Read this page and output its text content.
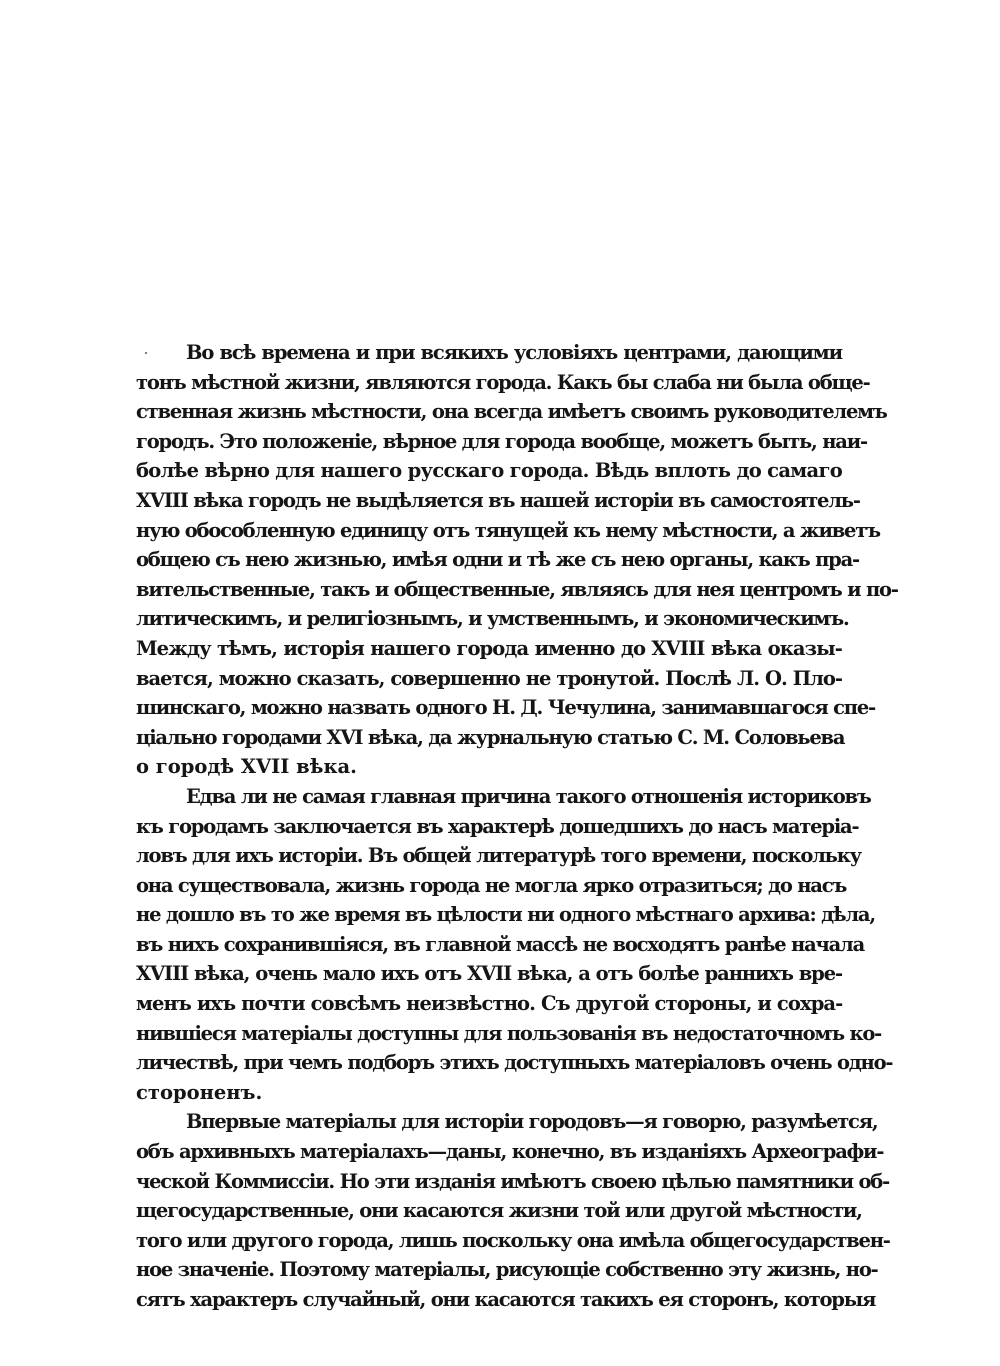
Во всѣ времена и при всякихъ условіяхъ центрами, дающими
тонъ мѣстной жизни, являются города. Какъ бы слаба ни была обще-
ственная жизнь мѣстности, она всегда имѣетъ своимъ руководителемъ
городъ. Это положеніе, вѣрное для города вообще, можетъ быть, наи-
болѣе вѣрно для нашего русскаго города. Вѣдь вплоть до самаго
XVIII вѣка городъ не выдѣляется въ нашей исторіи въ самостоятель-
ную обособленную единицу отъ тянущей къ нему мѣстности, а живетъ
общею съ нею жизнью, имѣя одни и тѣ же съ нею органы, какъ пра-
вительственные, такъ и общественные, являясь для нея центромъ и по-
литическимъ, и религіознымъ, и умственнымъ, и экономическимъ.
Между тѣмъ, исторія нашего города именно до XVIII вѣка оказы-
вается, можно сказать, совершенно не тронутой. Послѣ Л. О. Пло-
шинскаго, можно назвать одного Н. Д. Чечулина, занимавшагося спе-
ціально городами XVI вѣка, да журнальную статью С. М. Соловьева
о городѣ XVII вѣка.
Едва ли не самая главная причина такого отношенія историковъ
къ городамъ заключается въ характерѣ дошедшихъ до насъ матеріа-
ловъ для ихъ исторіи. Въ общей литературѣ того времени, поскольку
она существовала, жизнь города не могла ярко отразиться; до насъ
не дошло въ то же время въ цѣлости ни одного мѣстнаго архива: дѣла,
въ нихъ сохранившіяся, въ главной массѣ не восходятъ ранѣе начала
XVIII вѣка, очень мало ихъ отъ XVII вѣка, а отъ болѣе раннихъ вре-
менъ ихъ почти совсѣмъ неизвѣстно. Съ другой стороны, и сохра-
нившіеся матеріалы доступны для пользованія въ недостаточномъ ко-
личествѣ, при чемъ подборъ этихъ доступныхъ матеріаловъ очень одно-
стороненъ.
Впервые матеріалы для исторіи городовъ—я говорю, разумѣется,
объ архивныхъ матеріалахъ—даны, конечно, въ изданіяхъ Археографи-
ческой Коммиссіи. Но эти изданія имѣютъ своею цѣлью памятники об-
щегосударственные, они касаются жизни той или другой мѣстности,
того или другого города, лишь поскольку она имѣла общегосударствен-
ное значеніе. Поэтому матеріалы, рисующіе собственно эту жизнь, но-
сятъ характеръ случайный, они касаются такихъ ея сторонъ, которыя
